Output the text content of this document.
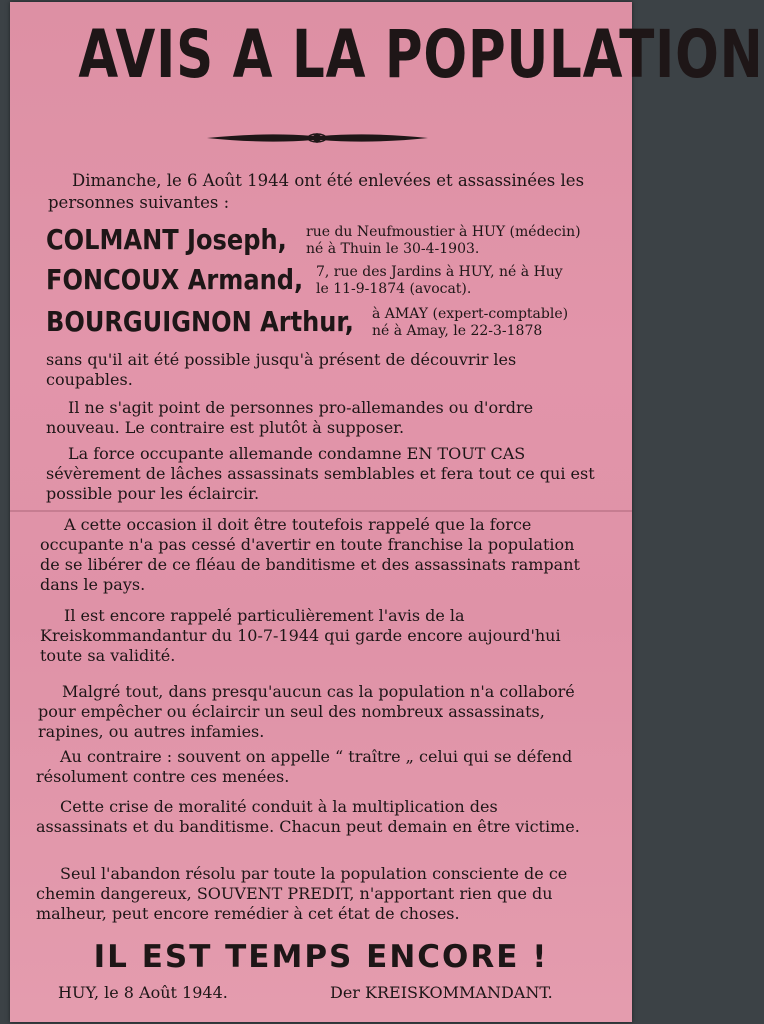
AVIS A LA POPULATION

Dimanche, le 6 Août 1944 ont été enlevées et assassinées les personnes suivantes :

COLMANT Joseph, rue du Neufmoustier à HUY (médecin)
né à Thuin le 30-4-1903.
FONCOUX Armand, 7, rue des Jardins à HUY, né à Huy
le 11-9-1874 (avocat).
BOURGUIGNON Arthur, à AMAY (expert-comptable)
né à Amay, le 22-3-1878

sans qu'il ait été possible jusqu'à présent de découvrir les coupables.

Il ne s'agit point de personnes pro-allemandes ou d'ordre nouveau. Le contraire est plutôt à supposer.

La force occupante allemande condamne EN TOUT CAS sévèrement de lâches assassinats semblables et fera tout ce qui est possible pour les éclaircir.

A cette occasion il doit être toutefois rappelé que la force occupante n'a pas cessé d'avertir en toute franchise la population de se libérer de ce fléau de banditisme et des assassinats rampant dans le pays.

Il est encore rappelé particulièrement l'avis de la Kreiskommandantur du 10-7-1944 qui garde encore aujourd'hui toute sa validité.

Malgré tout, dans presqu'aucun cas la population n'a collaboré pour empêcher ou éclaircir un seul des nombreux assassinats, rapines, ou autres infamies.

Au contraire : souvent on appelle “ traître „ celui qui se défend résolument contre ces menées.

Cette crise de moralité conduit à la multiplication des assassinats et du banditisme. Chacun peut demain en être victime.

Seul l'abandon résolu par toute la population consciente de ce chemin dangereux, SOUVENT PREDIT, n'apportant rien que du malheur, peut encore remédier à cet état de choses.

IL EST TEMPS ENCORE !
HUY, le 8 Août 1944.	Der KREISKOMMANDANT.
